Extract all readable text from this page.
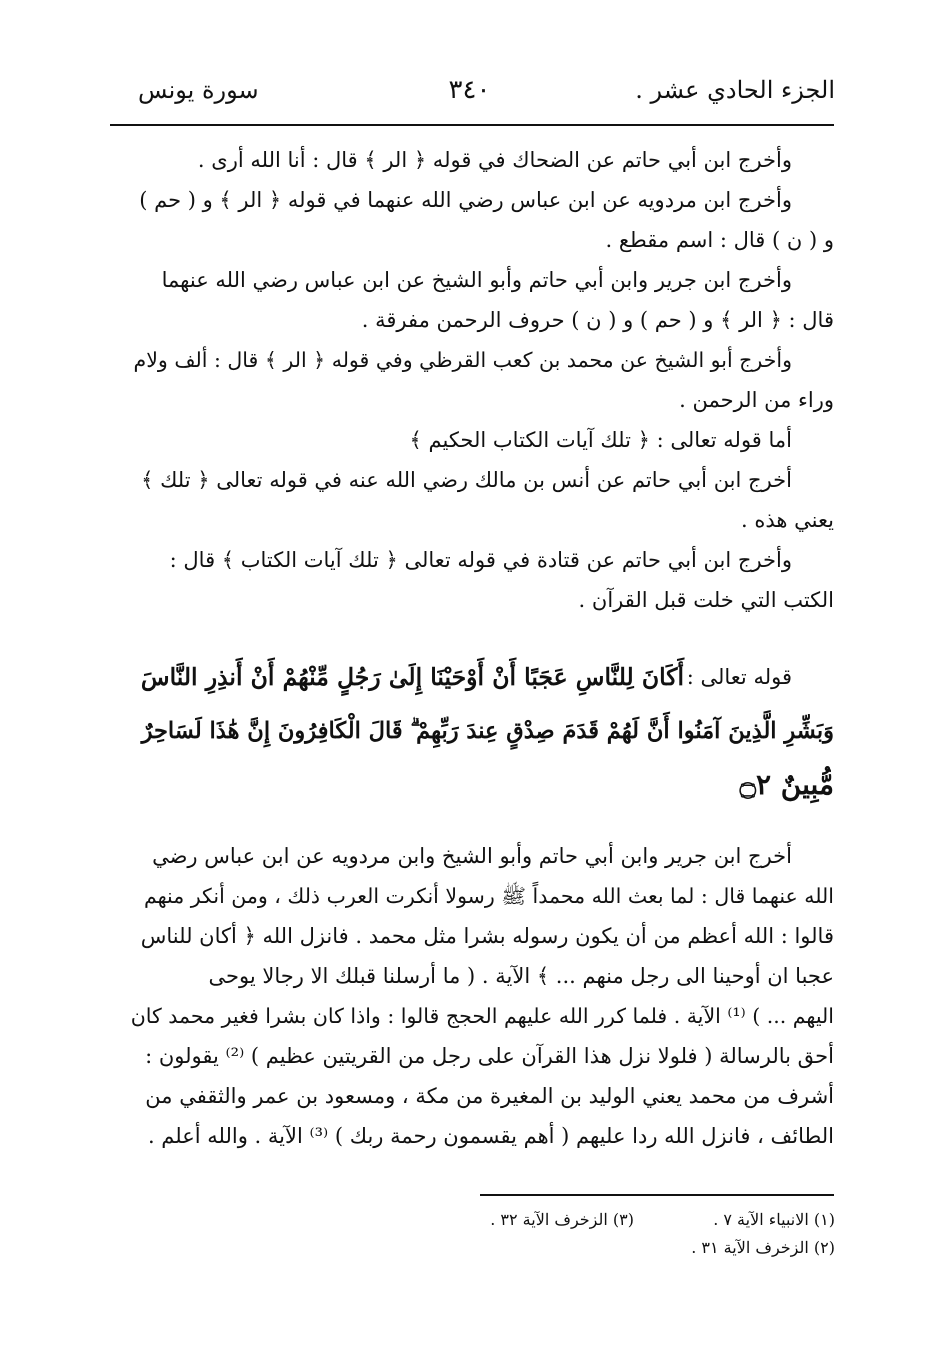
الجزء الحادي عشر .
٣٤٠
سورة يونس
وأخرج ابن أبي حاتم عن الضحاك في قوله ﴿ الر ﴾ قال : أنا الله أرى .
وأخرج ابن مردويه عن ابن عباس رضي الله عنهما في قوله ﴿ الر ﴾ و ( حم )
و ( ن ) قال : اسم مقطع .
وأخرج ابن جرير وابن أبي حاتم وأبو الشيخ عن ابن عباس رضي الله عنهما
قال : ﴿ الر ﴾ و ( حم ) و ( ن ) حروف الرحمن مفرقة .
وأخرج أبو الشيخ عن محمد بن كعب القرظي وفي قوله ﴿ الر ﴾ قال : ألف ولام
وراء من الرحمن .
أما قوله تعالى : ﴿ تلك آيات الكتاب الحكيم ﴾
أخرج ابن أبي حاتم عن أنس بن مالك رضي الله عنه في قوله تعالى ﴿ تلك ﴾
يعني هذه .
وأخرج ابن أبي حاتم عن قتادة في قوله تعالى ﴿ تلك آيات الكتاب ﴾ قال :
الكتب التي خلت قبل القرآن .
قوله تعالى :
أَكَانَ لِلنَّاسِ عَجَبًا أَنْ أَوْحَيْنَا إِلَىٰ رَجُلٍ مِّنْهُمْ أَنْ أَنذِرِ النَّاسَ
وَبَشِّرِ الَّذِينَ آمَنُوا أَنَّ لَهُمْ قَدَمَ صِدْقٍ عِندَ رَبِّهِمْ ۗ قَالَ الْكَافِرُونَ إِنَّ هَٰذَا لَسَاحِرٌ
مُّبِينٌ ۝٢
أخرج ابن جرير وابن أبي حاتم وأبو الشيخ وابن مردويه عن ابن عباس رضي
الله عنهما قال : لما بعث الله محمداً ﷺ رسولا أنكرت العرب ذلك ، ومن أنكر منهم
قالوا : الله أعظم من أن يكون رسوله بشرا مثل محمد . فانزل الله ﴿ أكان للناس
عجبا ان أوحينا الى رجل منهم ... ﴾ الآية . ( ما أرسلنا قبلك الا رجالا يوحى
اليهم ... ) ⁽¹⁾ الآية . فلما كرر الله عليهم الحجج قالوا : واذا كان بشرا فغير محمد كان
أحق بالرسالة ( فلولا نزل هذا القرآن على رجل من القريتين عظيم ) ⁽²⁾ يقولون :
أشرف من محمد يعني الوليد بن المغيرة من مكة ، ومسعود بن عمر والثقفي من
الطائف ، فانزل الله ردا عليهم ( أهم يقسمون رحمة ربك ) ⁽³⁾ الآية . والله أعلم .
(١) الانبياء الآية ٧ .
(٣) الزخرف الآية ٣٢ .
(٢) الزخرف الآية ٣١ .
